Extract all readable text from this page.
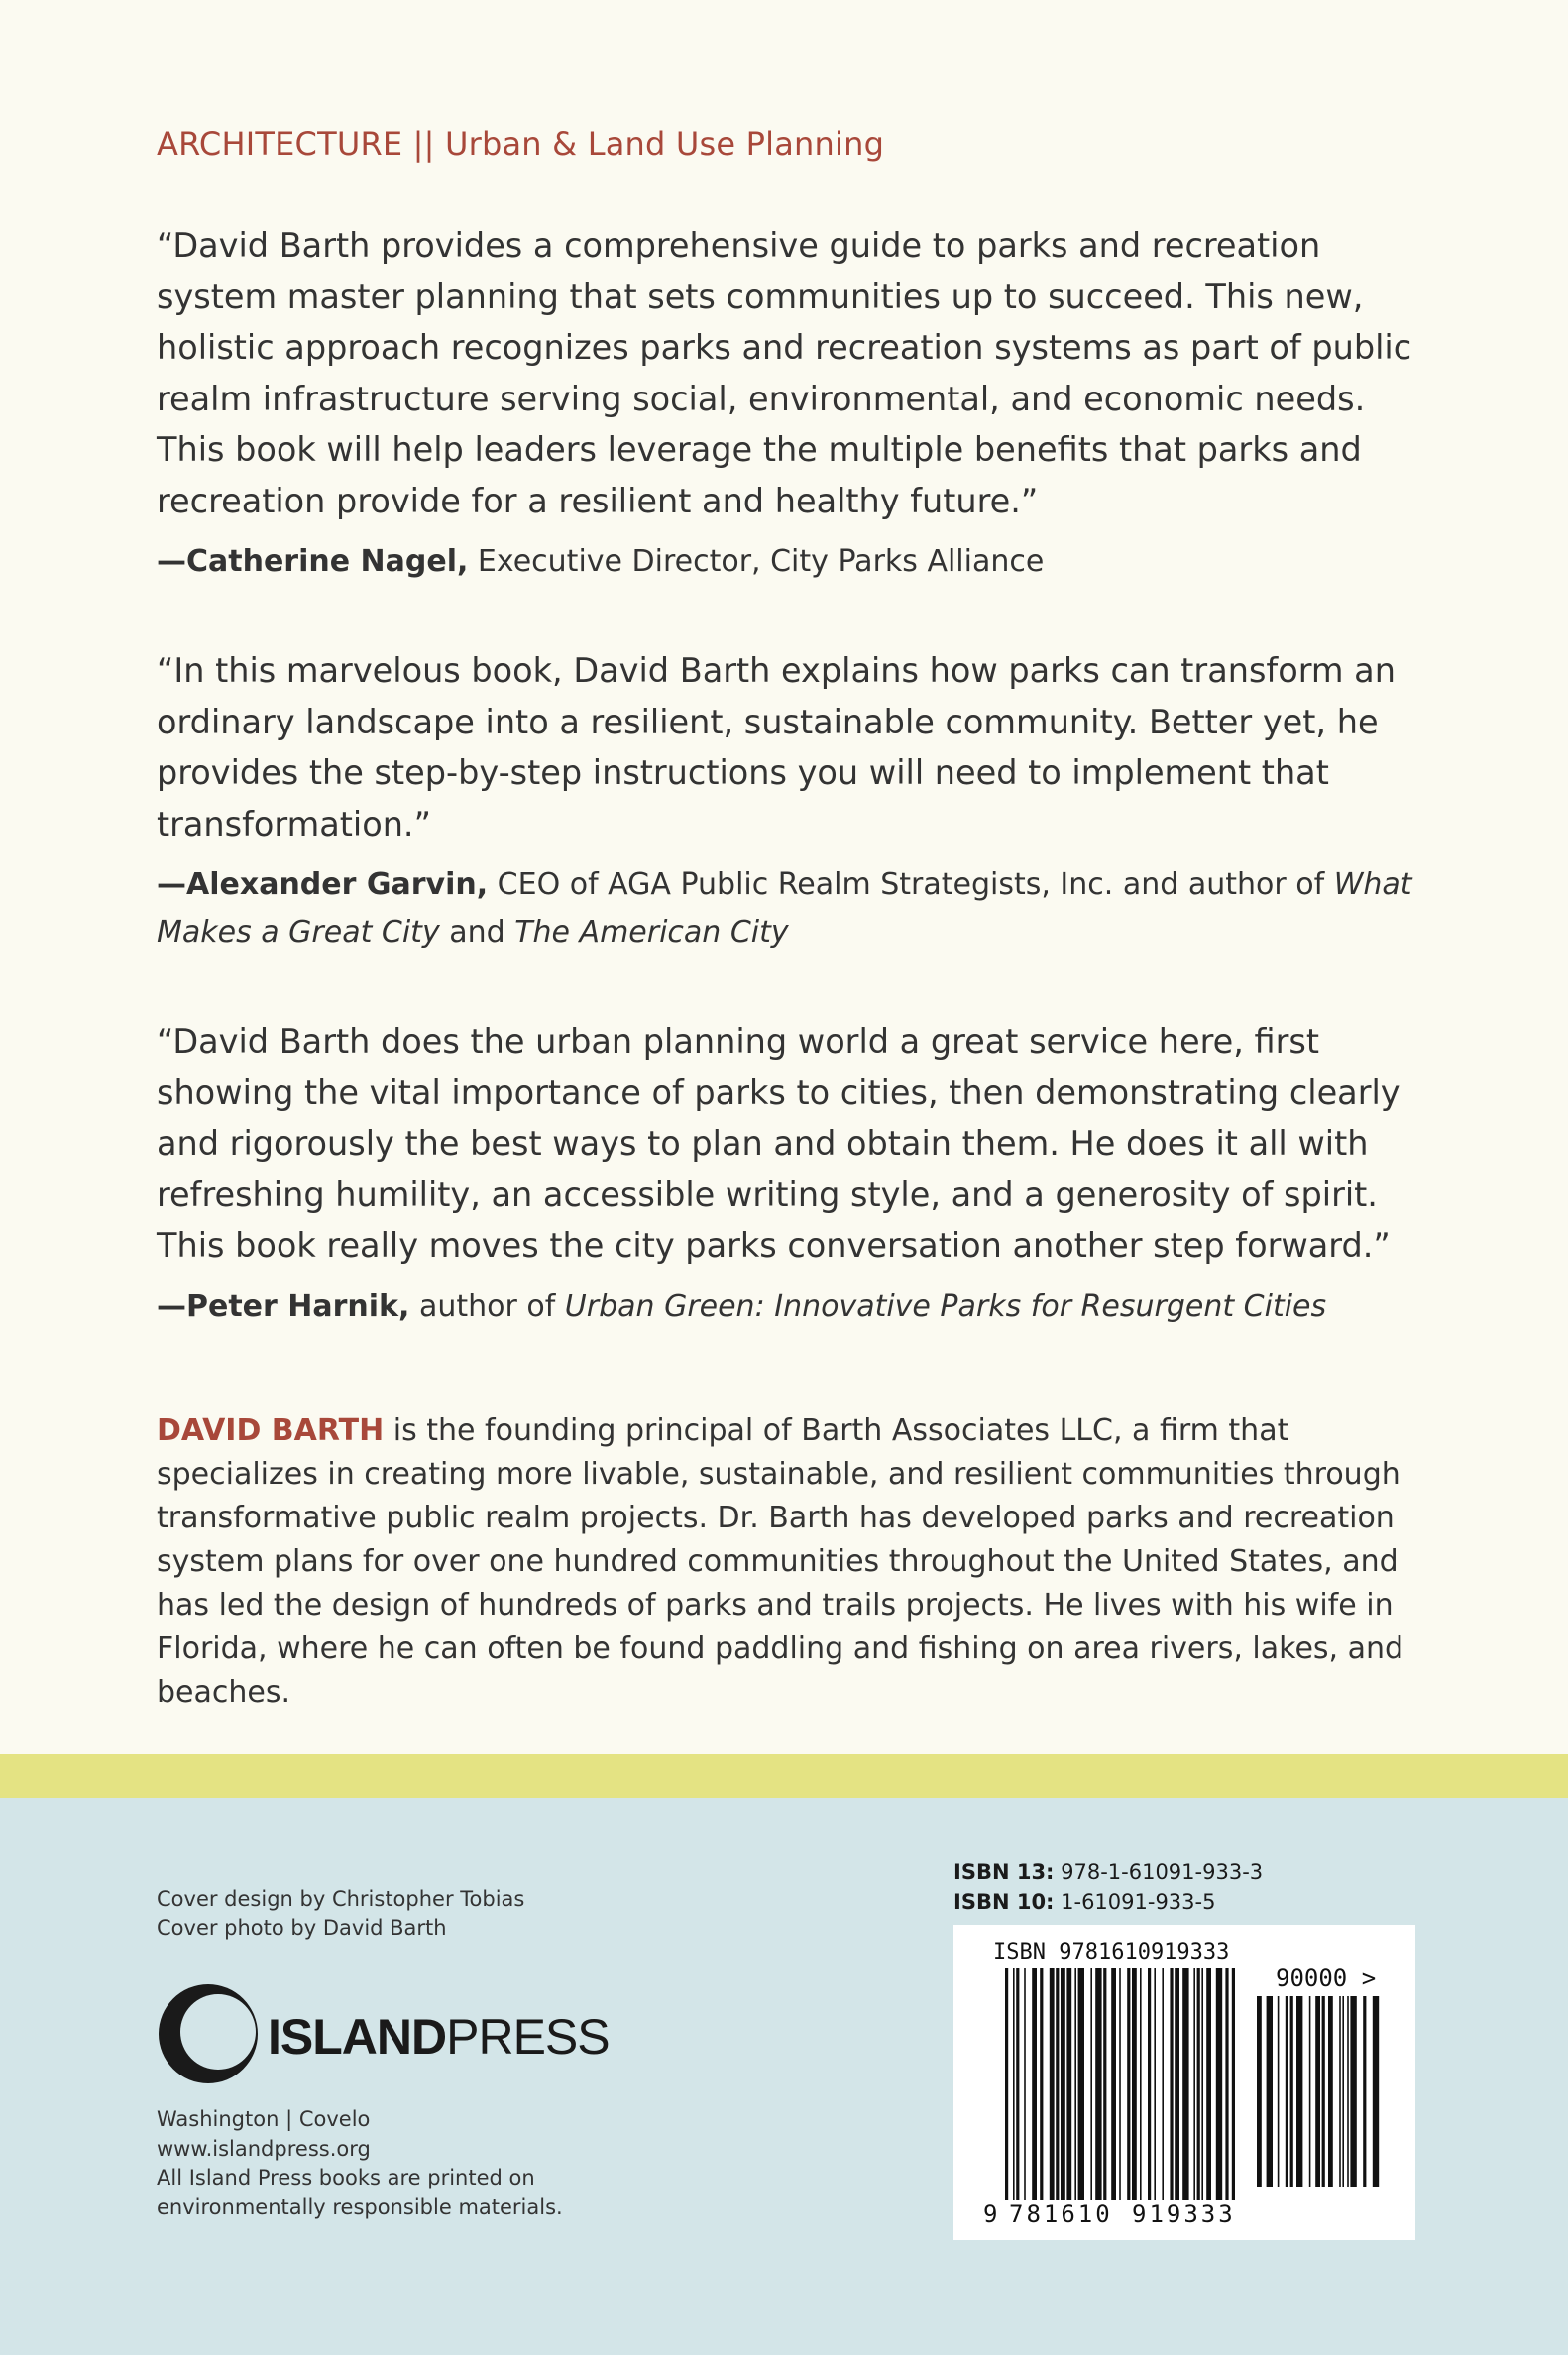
ARCHITECTURE || Urban & Land Use Planning

“David Barth provides a comprehensive guide to parks and recreation system master planning that sets communities up to succeed. This new, holistic approach recognizes parks and recreation systems as part of public realm infrastructure serving social, environmental, and economic needs. This book will help leaders leverage the multiple benefits that parks and recreation provide for a resilient and healthy future.”

—Catherine Nagel, Executive Director, City Parks Alliance

“In this marvelous book, David Barth explains how parks can transform an ordinary landscape into a resilient, sustainable community. Better yet, he provides the step-by-step instructions you will need to implement that transformation.”

—Alexander Garvin, CEO of AGA Public Realm Strategists, Inc. and author of What Makes a Great City and The American City

“David Barth does the urban planning world a great service here, first showing the vital importance of parks to cities, then demonstrating clearly and rigorously the best ways to plan and obtain them. He does it all with refreshing humility, an accessible writing style, and a generosity of spirit. This book really moves the city parks conversation another step forward.”

—Peter Harnik, author of Urban Green: Innovative Parks for Resurgent Cities

DAVID BARTH is the founding principal of Barth Associates LLC, a firm that specializes in creating more livable, sustainable, and resilient communities through transformative public realm projects. Dr. Barth has developed parks and recreation system plans for over one hundred communities throughout the United States, and has led the design of hundreds of parks and trails projects. He lives with his wife in Florida, where he can often be found paddling and fishing on area rivers, lakes, and beaches.

Cover design by Christopher Tobias
Cover photo by David Barth
ISLANDPRESS
Washington | Covelo
www.islandpress.org
All Island Press books are printed on environmentally responsible materials.
ISBN 13: 978-1-61091-933-3
ISBN 10: 1-61091-933-5
ISBN 9781610919333
90000 >
9 781610 919333
